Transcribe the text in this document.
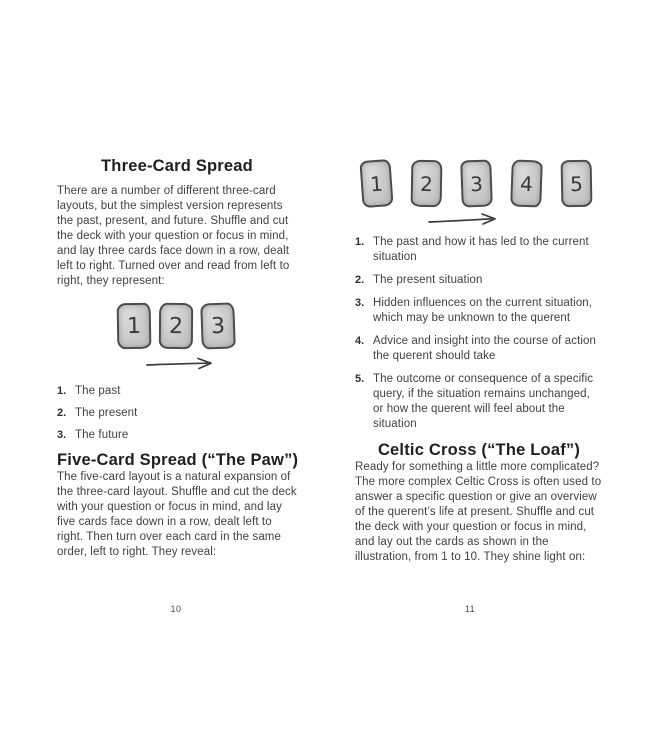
Three-Card Spread

There are a number of different three-card layouts, but the simplest version represents the past, present, and future. Shuffle and cut the deck with your question or focus in mind, and lay three cards face down in a row, dealt left to right. Turned over and read from left to right, they represent:

1 2 3
1. The past
2. The present
3. The future
Five-Card Spread (“The Paw”)

The five-card layout is a natural expansion of the three-card layout. Shuffle and cut the deck with your question or focus in mind, and lay five cards face down in a row, dealt left to right. Then turn over each card in the same order, left to right. They reveal:

1 2 3 4 5
1. The past and how it has led to the current situation
2. The present situation
3. Hidden influences on the current situation, which may be unknown to the querent
4. Advice and insight into the course of action the querent should take
5. The outcome or consequence of a specific query, if the situation remains unchanged, or how the querent will feel about the situation
Celtic Cross (“The Loaf”)

Ready for something a little more complicated? The more complex Celtic Cross is often used to answer a specific question or give an overview of the querent’s life at present. Shuffle and cut the deck with your question or focus in mind, and lay out the cards as shown in the illustration, from 1 to 10. They shine light on:

10	11
